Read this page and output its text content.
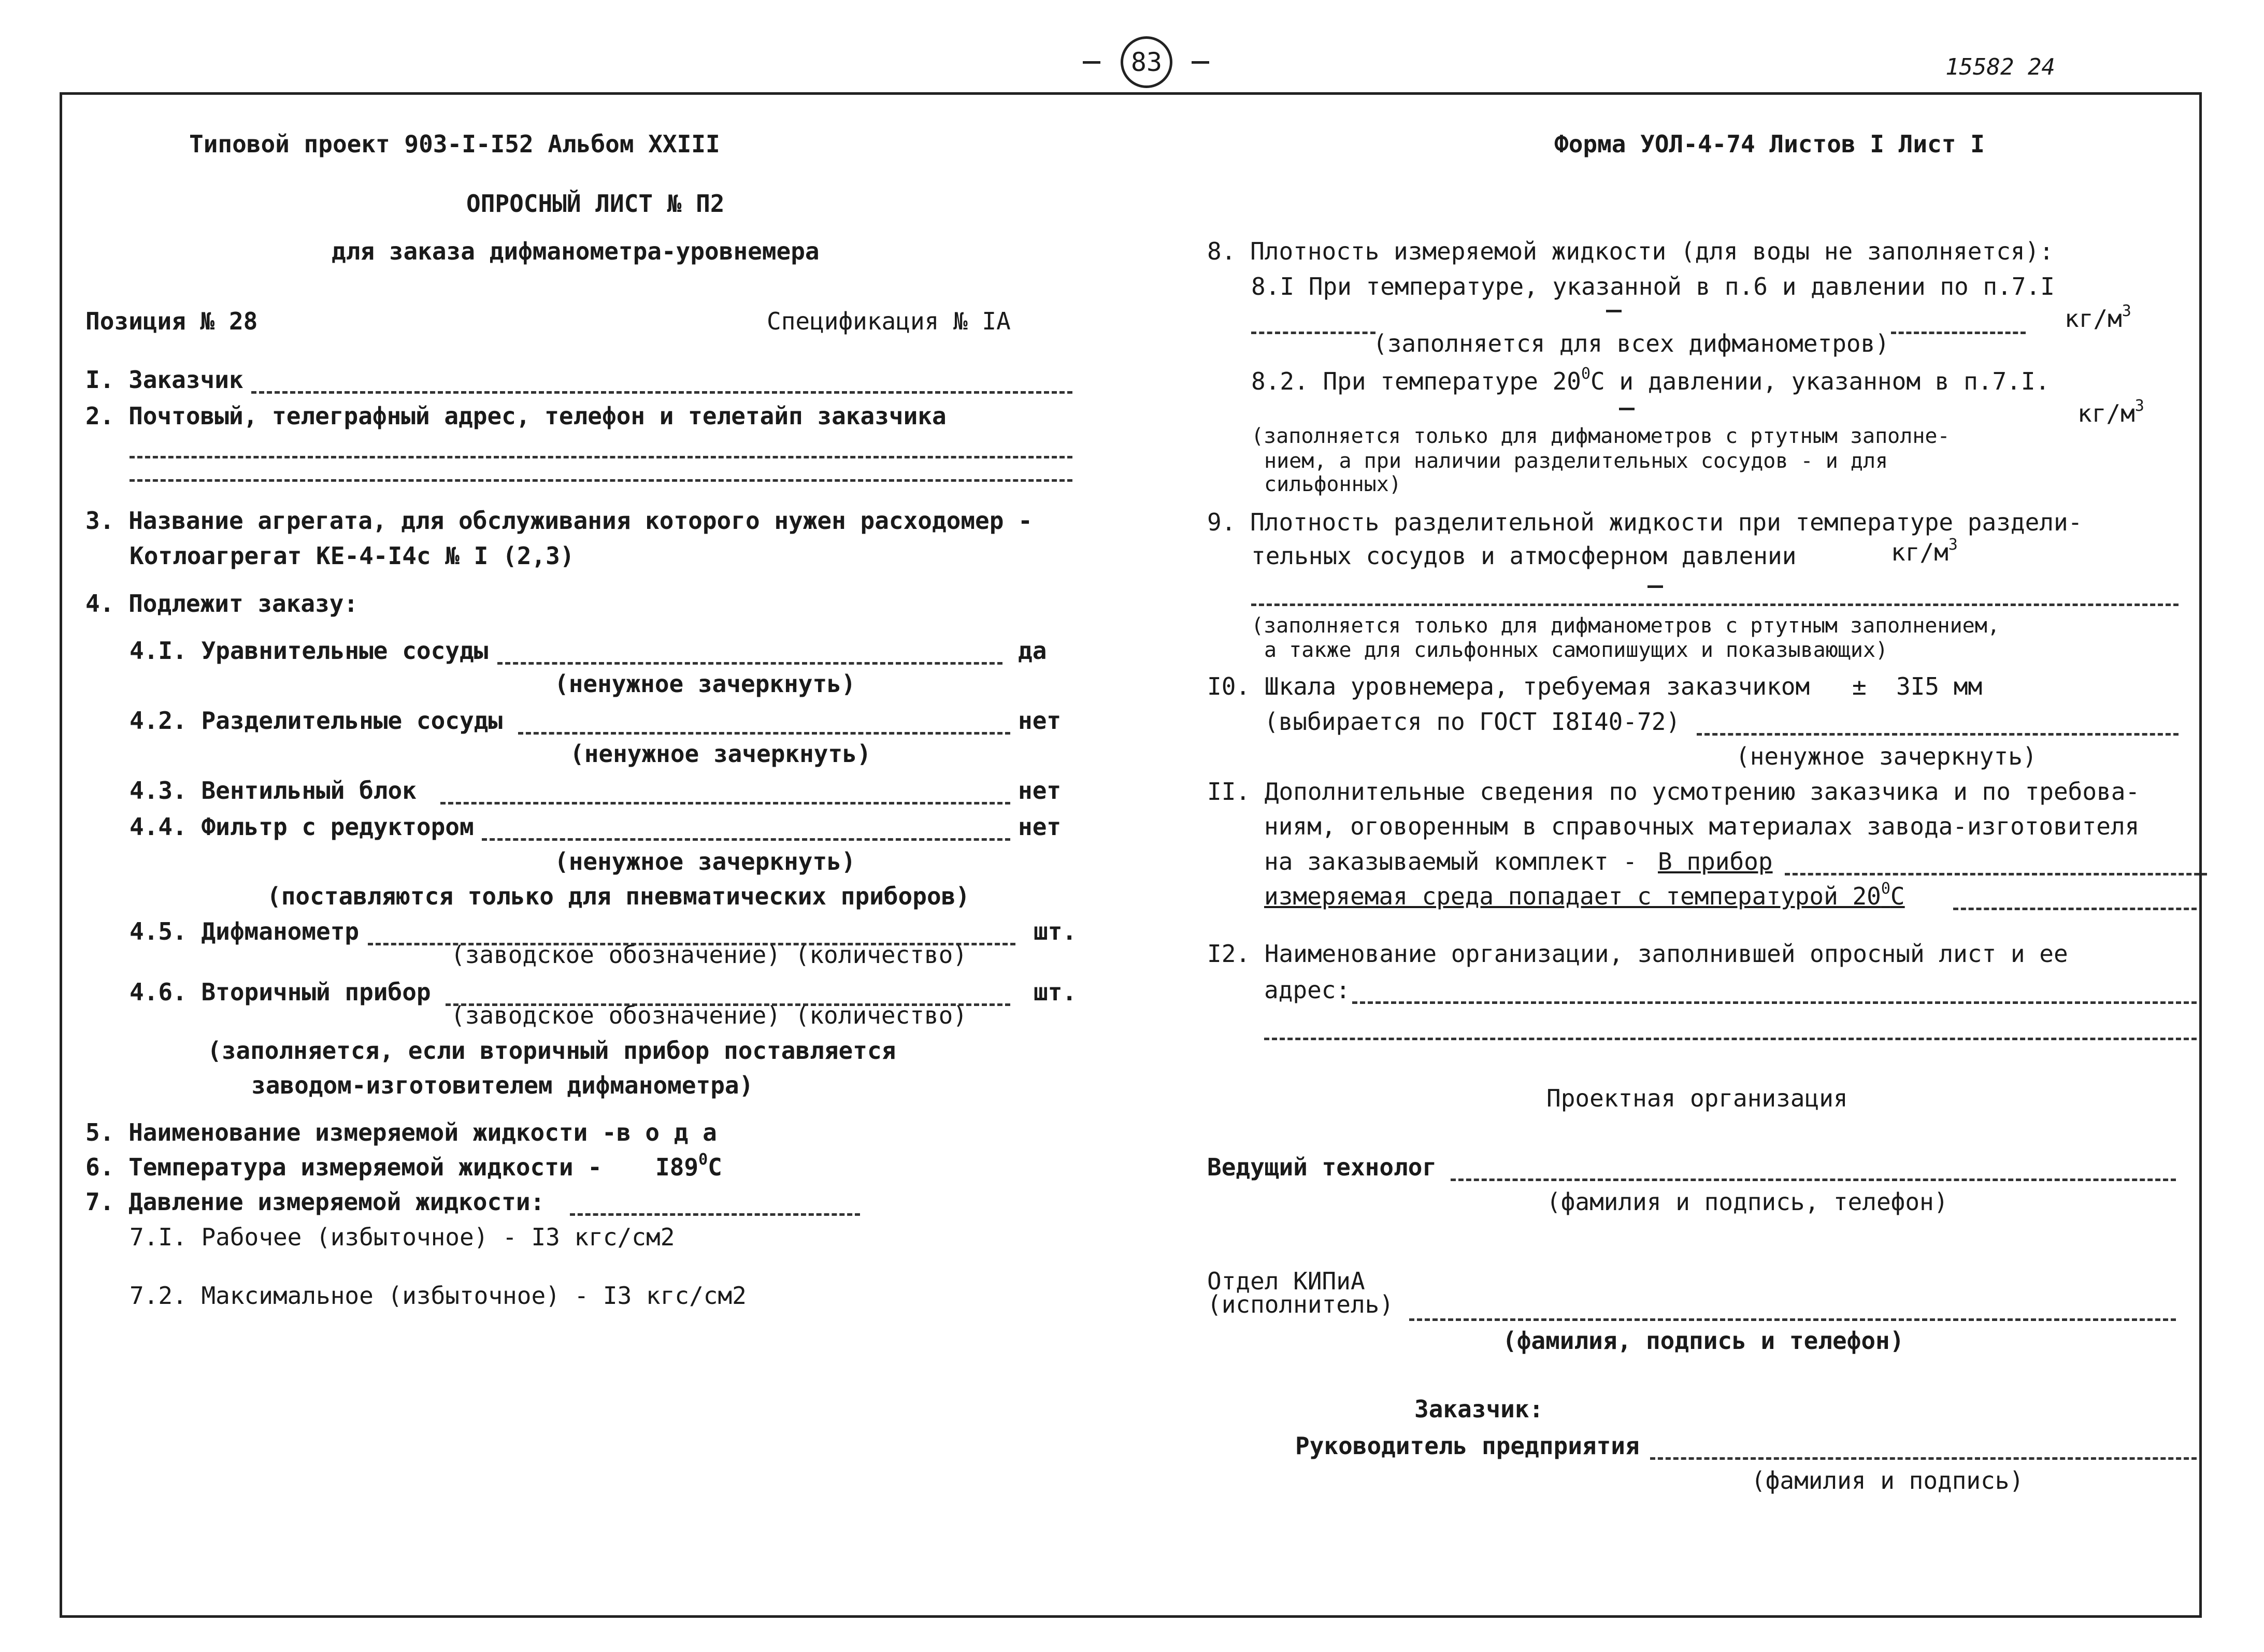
83	15582 24
Типовой проект 903-I-I52 Альбом XXIII	Форма УОЛ-4-74 Листов I Лист I
ОПРОСНЫЙ ЛИСТ № П2
для заказа дифманометра-уровнемера
Позиция № 28	Спецификация № IA
I. Заказчик
2. Почтовый, телеграфный адрес, телефон и телетайп заказчика
3. Название агрегата, для обслуживания которого нужен расходомер -
Котлоагрегат КЕ-4-I4с № I (2,3)
4. Подлежит заказу:
4.I. Уравнительные сосуды	да
(ненужное зачеркнуть)
4.2. Разделительные сосуды	нет
(ненужное зачеркнуть)
4.3. Вентильный блок	нет
4.4. Фильтр с редуктором	нет
(ненужное зачеркнуть)
(поставляются только для пневматических приборов)
4.5. Дифманометр	шт.
(заводское обозначение) (количество)
4.6. Вторичный прибор	шт.
(заводское обозначение) (количество)
(заполняется, если вторичный прибор поставляется
заводом-изготовителем дифманометра)
5. Наименование измеряемой жидкости - в о д а
6. Температура измеряемой жидкости - $I89^0С$
7. Давление измеряемой жидкости:
7.I. Рабочее (избыточное) - I3 кгс/см2
7.2. Максимальное (избыточное) - I3 кгс/см2
8. Плотность измеряемой жидкости (для воды не заполняется):
8.I При температуре, указанной в п.6 и давлении по п.7.I
(заполняется для всех дифманометров)
$кг/м^3$
8.2. При температуре $20^0С$ и давлении, указанном в п.7.I.
(заполняется только для дифманометров с ртутным заполне-
нием, а при наличии разделительных сосудов - и для
сильфонных)
$кг/м^3$
9. Плотность разделительной жидкости при температуре раздели-
тельных сосудов и атмосферном давлении	$кг/м^3$
(заполняется только для дифманометров с ртутным заполнением,
а также для сильфонных самопишущих и показывающих)
I0. Шкала уровнемера, требуемая заказчиком ± 3I5 мм
(выбирается по ГОСТ I8I40-72)
(ненужное зачеркнуть)
II. Дополнительные сведения по усмотрению заказчика и по требова-
ниям, оговоренным в справочных материалах завода-изготовителя
на заказываемый комплект - В прибор
измеряемая среда попадает с температурой $20^0С$
I2. Наименование организации, заполнившей опросный лист и ее
адрес:
Проектная организация
Ведущий технолог
(фамилия и подпись, телефон)
Отдел КИПиА
(исполнитель)
(фамилия, подпись и телефон)
Заказчик:
Руководитель предприятия
(фамилия и подпись)
